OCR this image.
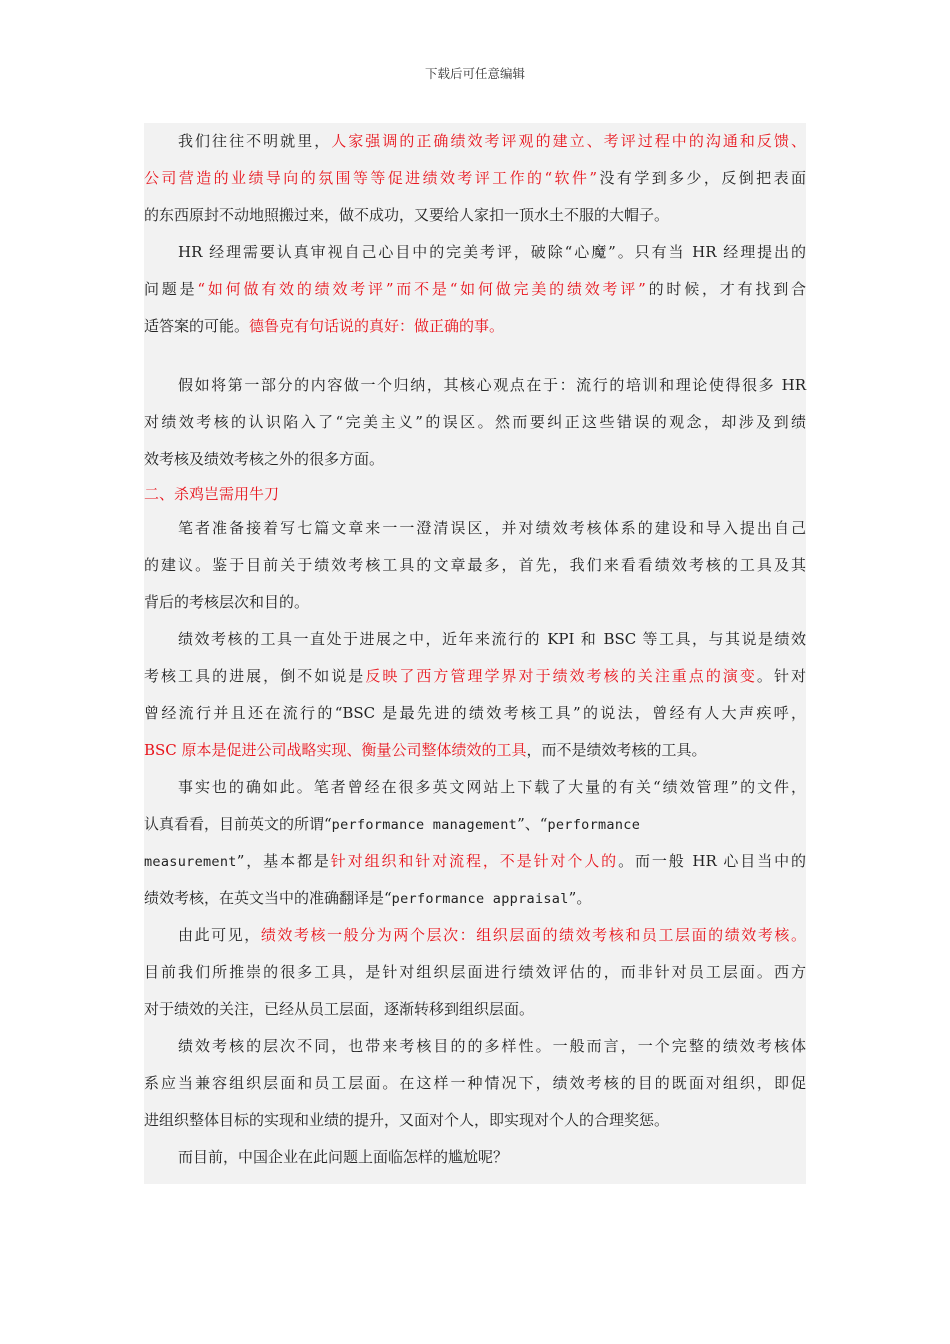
下载后可任意编辑
我们往往不明就里，人家强调的正确绩效考评观的建立、考评过程中的沟通和反馈、
公司营造的业绩导向的氛围等等促进绩效考评工作的“软件”没有学到多少，反倒把表面
的东西原封不动地照搬过来，做不成功，又要给人家扣一顶水土不服的大帽子。
HR 经理需要认真审视自己心目中的完美考评，破除“心魔”。只有当 HR 经理提出的
问题是“如何做有效的绩效考评”而不是“如何做完美的绩效考评”的时候，才有找到合
适答案的可能。德鲁克有句话说的真好：做正确的事。
假如将第一部分的内容做一个归纳，其核心观点在于：流行的培训和理论使得很多 HR
对绩效考核的认识陷入了“完美主义”的误区。然而要纠正这些错误的观念，却涉及到绩
效考核及绩效考核之外的很多方面。
二、杀鸡岂需用牛刀
笔者准备接着写七篇文章来一一澄清误区，并对绩效考核体系的建设和导入提出自己
的建议。鉴于目前关于绩效考核工具的文章最多，首先，我们来看看绩效考核的工具及其
背后的考核层次和目的。
绩效考核的工具一直处于进展之中，近年来流行的 KPI 和 BSC 等工具，与其说是绩效
考核工具的进展，倒不如说是反映了西方管理学界对于绩效考核的关注重点的演变。针对
曾经流行并且还在流行的“BSC 是最先进的绩效考核工具”的说法，曾经有人大声疾呼，
BSC 原本是促进公司战略实现、衡量公司整体绩效的工具，而不是绩效考核的工具。
事实也的确如此。笔者曾经在很多英文网站上下载了大量的有关“绩效管理”的文件，
认真看看，目前英文的所谓“performance management”、“performance
measurement”，基本都是针对组织和针对流程，不是针对个人的。而一般 HR 心目当中的
绩效考核，在英文当中的准确翻译是“performance appraisal”。
由此可见，绩效考核一般分为两个层次：组织层面的绩效考核和员工层面的绩效考核。
目前我们所推崇的很多工具，是针对组织层面进行绩效评估的，而非针对员工层面。西方
对于绩效的关注，已经从员工层面，逐渐转移到组织层面。
绩效考核的层次不同，也带来考核目的的多样性。一般而言，一个完整的绩效考核体
系应当兼容组织层面和员工层面。在这样一种情况下，绩效考核的目的既面对组织，即促
进组织整体目标的实现和业绩的提升，又面对个人，即实现对个人的合理奖惩。
而目前，中国企业在此问题上面临怎样的尴尬呢？
